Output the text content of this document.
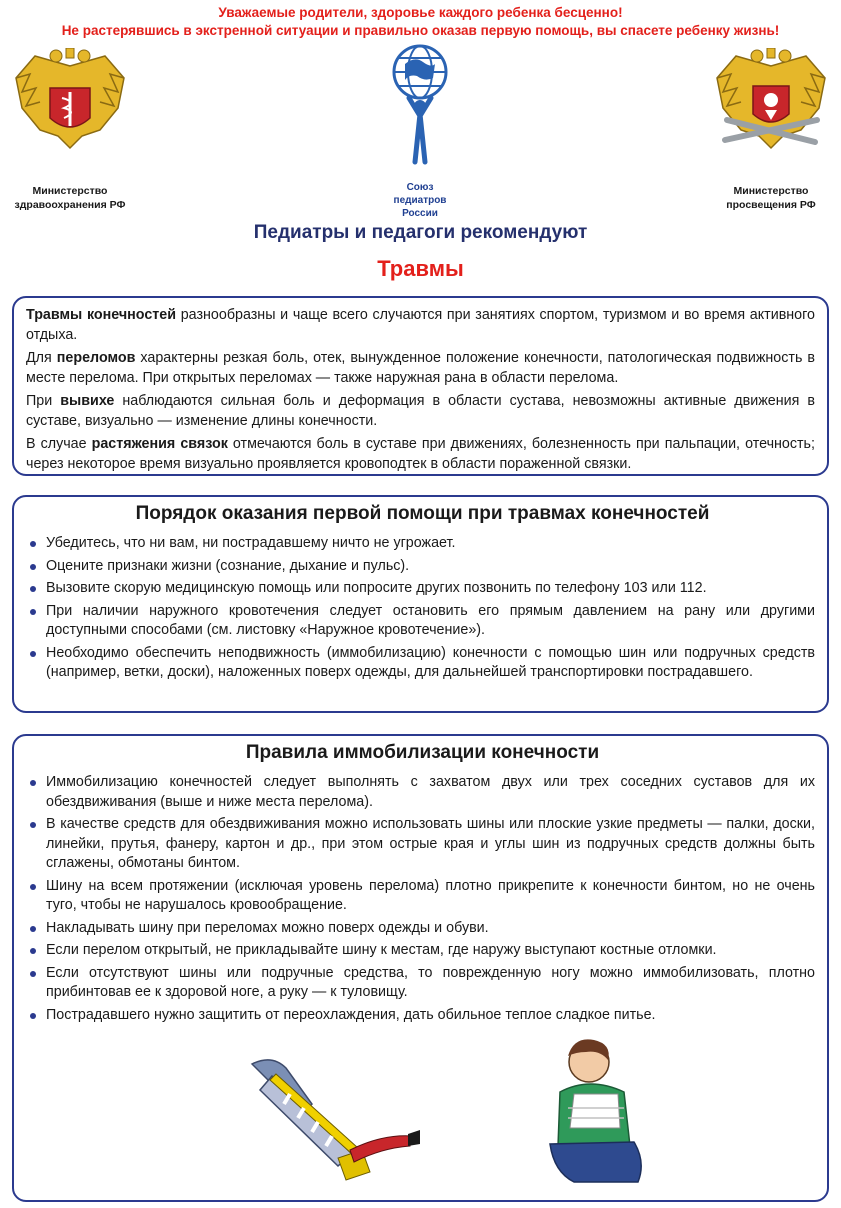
Уважаемые родители, здоровье каждого ребенка бесценно!
Не растерявшись в экстренной ситуации и правильно оказав первую помощь, вы спасете ребенку жизнь!
Министерство
здравоохранения РФ
Союз
педиатров
России
Министерство
просвещения РФ
Педиатры и педагоги рекомендуют
Травмы

Травмы конечностей разнообразны и чаще всего случаются при занятиях спортом, туризмом и во время активного отдыха.

Для переломов характерны резкая боль, отек, вынужденное положение конечности, патологическая подвижность в месте перелома. При открытых переломах — также наружная рана в области перелома.

При вывихе наблюдаются сильная боль и деформация в области сустава, невозможны активные движения в суставе, визуально — изменение длины конечности.

В случае растяжения связок отмечаются боль в суставе при движениях, болезненность при пальпации, отечность; через некоторое время визуально проявляется кровоподтек в области пораженной связки.

Порядок оказания первой помощи при травмах конечностей
Убедитесь, что ни вам, ни пострадавшему ничто не угрожает.
Оцените признаки жизни (сознание, дыхание и пульс).
Вызовите скорую медицинскую помощь или попросите других позвонить по телефону 103 или 112.
При наличии наружного кровотечения следует остановить его прямым давлением на рану или другими доступными способами (см. листовку «Наружное кровотечение»).
Необходимо обеспечить неподвижность (иммобилизацию) конечности с помощью шин или подручных средств (например, ветки, доски), наложенных поверх одежды, для дальнейшей транспортировки пострадавшего.
Правила иммобилизации конечности
Иммобилизацию конечностей следует выполнять с захватом двух или трех соседних суставов для их обездвиживания (выше и ниже места перелома).
В качестве средств для обездвиживания можно использовать шины или плоские узкие предметы — палки, доски, линейки, прутья, фанеру, картон и др., при этом острые края и углы шин из подручных средств должны быть сглажены, обмотаны бинтом.
Шину на всем протяжении (исключая уровень перелома) плотно прикрепите к конечности бинтом, но не очень туго, чтобы не нарушалось кровообращение.
Накладывать шину при переломах можно поверх одежды и обуви.
Если перелом открытый, не прикладывайте шину к местам, где наружу выступают костные отломки.
Если отсутствуют шины или подручные средства, то поврежденную ногу можно иммобилизовать, плотно прибинтовав ее к здоровой ноге, а руку — к туловищу.
Пострадавшего нужно защитить от переохлаждения, дать обильное теплое сладкое питье.
